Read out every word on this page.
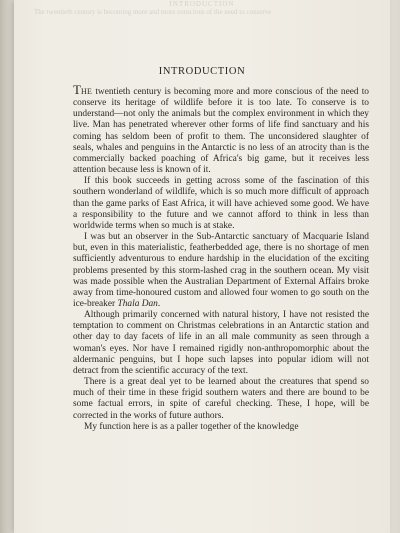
INTRODUCTION
The twentieth century is becoming more and more conscious of the need to conserve
INTRODUCTION

THE twentieth century is becoming more and more conscious of the need to conserve its heritage of wildlife before it is too late. To conserve is to understand—not only the animals but the complex environment in which they live. Man has penetrated wherever other forms of life find sanctuary and his coming has seldom been of profit to them. The unconsidered slaughter of seals, whales and penguins in the Antarctic is no less of an atrocity than is the commercially backed poaching of Africa's big game, but it receives less attention because less is known of it.

If this book succeeds in getting across some of the fascination of this southern wonderland of wildlife, which is so much more difficult of approach than the game parks of East Africa, it will have achieved some good. We have a responsibility to the future and we cannot afford to think in less than worldwide terms when so much is at stake.

I was but an observer in the Sub-Antarctic sanctuary of Macquarie Island but, even in this materialistic, featherbedded age, there is no shortage of men sufficiently adventurous to endure hardship in the elucidation of the exciting problems presented by this storm-lashed crag in the southern ocean. My visit was made possible when the Australian Department of External Affairs broke away from time-honoured custom and allowed four women to go south on the ice-breaker Thala Dan.

Although primarily concerned with natural history, I have not resisted the temptation to comment on Christmas celebrations in an Antarctic station and other day to day facets of life in an all male community as seen through a woman's eyes. Nor have I remained rigidly non-anthropomorphic about the aldermanic penguins, but I hope such lapses into popular idiom will not detract from the scientific accuracy of the text.

There is a great deal yet to be learned about the creatures that spend so much of their time in these frigid southern waters and there are bound to be some factual errors, in spite of careful checking. These, I hope, will be corrected in the works of future authors.

My function here is as a paller together of the knowledge
